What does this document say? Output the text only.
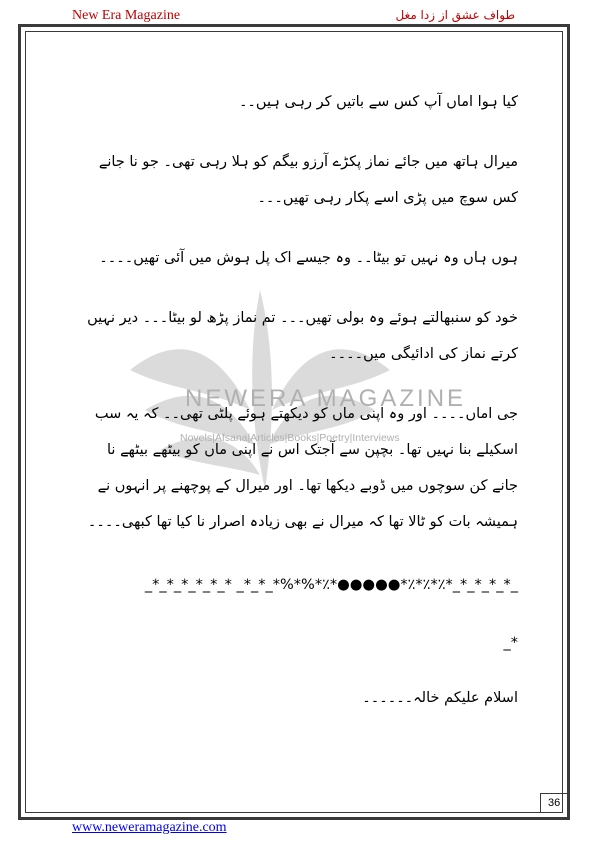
New Era Magazine	طواف عشق از زدا مغل
NEWERA MAGAZINE
Novels|Afsana|Articles|Books|Poetry|Interviews

کیا ہوا اماں آپ کس سے باتیں کر رہی ہیں۔۔

میرال ہاتھ میں جائے نماز پکڑے آرزو بیگم کو ہلا رہی تھی۔ جو نا جانے کس سوچ میں پڑی اسے پکار رہی تھیں۔۔۔

ہوں ہاں وہ نہیں تو بیٹا۔۔ وہ جیسے اک پل ہوش میں آئی تھیں۔۔۔۔

خود کو سنبھالتے ہوئے وہ بولی تھیں۔۔۔ تم نماز پڑھ لو بیٹا۔۔۔ دیر نہیں کرتے نماز کی ادائیگی میں۔۔۔۔

جی اماں۔۔۔۔ اور وہ اپنی ماں کو دیکھتے ہوئے پلٹی تھی۔۔ کہ یہ سب اسکیلے بنا نہیں تھا۔ بچپن سے آجتک اس نے اپنی ماں کو بیٹھے بیٹھے نا جانے کن سوچوں میں ڈوبے دیکھا تھا۔ اور میرال کے پوچھنے پر انہوں نے ہمیشہ بات کو ٹالا تھا کہ میرال نے بھی زیادہ اصرار نا کیا تھا کبھی۔۔۔۔

_*_*_*_*_*_* _*_*_*%*%*٪*●●●●●*٪*٪*٪*_*_*_*_*_
_*

اسلام علیکم خالہ۔۔۔۔۔۔

36
www.neweramagazine.com
